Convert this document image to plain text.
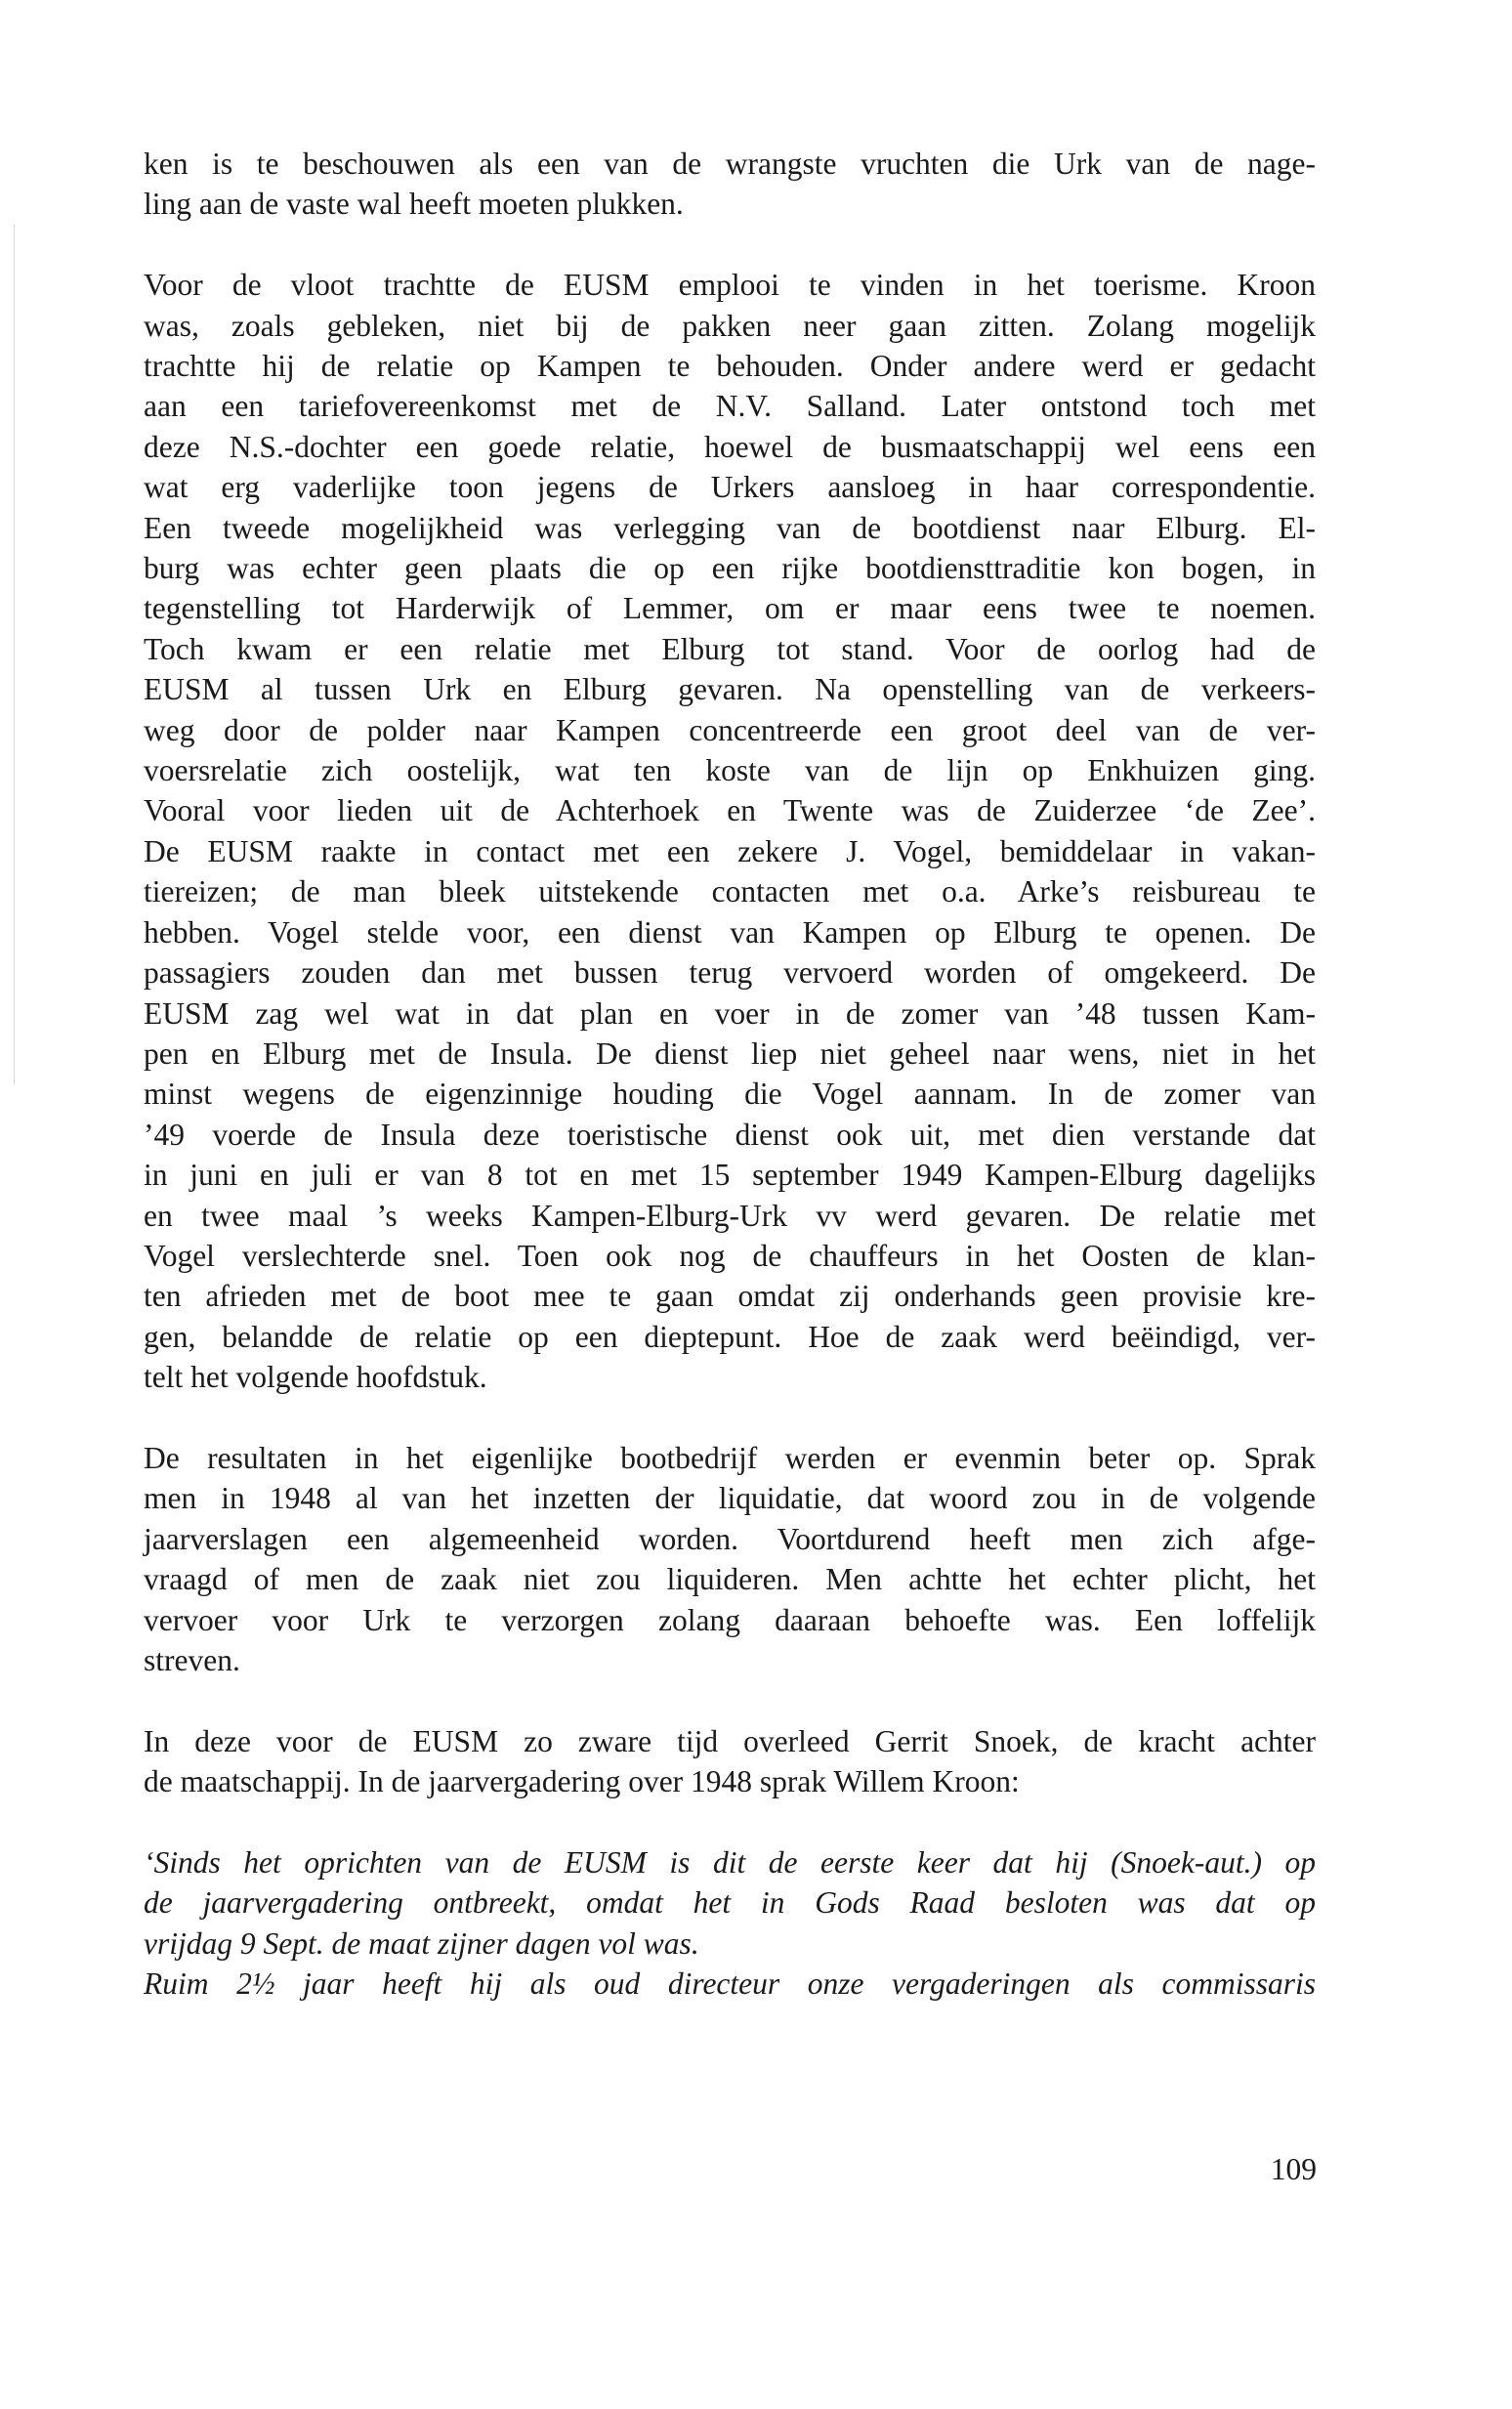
ken is te beschouwen als een van de wrangste vruchten die Urk van de nage-
ling aan de vaste wal heeft moeten plukken.
Voor de vloot trachtte de EUSM emplooi te vinden in het toerisme. Kroon
was, zoals gebleken, niet bij de pakken neer gaan zitten. Zolang mogelijk
trachtte hij de relatie op Kampen te behouden. Onder andere werd er gedacht
aan een tariefovereenkomst met de N.V. Salland. Later ontstond toch met
deze N.S.-dochter een goede relatie, hoewel de busmaatschappij wel eens een
wat erg vaderlijke toon jegens de Urkers aansloeg in haar correspondentie.
Een tweede mogelijkheid was verlegging van de bootdienst naar Elburg. El-
burg was echter geen plaats die op een rijke bootdiensttraditie kon bogen, in
tegenstelling tot Harderwijk of Lemmer, om er maar eens twee te noemen.
Toch kwam er een relatie met Elburg tot stand. Voor de oorlog had de
EUSM al tussen Urk en Elburg gevaren. Na openstelling van de verkeers-
weg door de polder naar Kampen concentreerde een groot deel van de ver-
voersrelatie zich oostelijk, wat ten koste van de lijn op Enkhuizen ging.
Vooral voor lieden uit de Achterhoek en Twente was de Zuiderzee ‘de Zee’.
De EUSM raakte in contact met een zekere J. Vogel, bemiddelaar in vakan-
tiereizen; de man bleek uitstekende contacten met o.a. Arke’s reisbureau te
hebben. Vogel stelde voor, een dienst van Kampen op Elburg te openen. De
passagiers zouden dan met bussen terug vervoerd worden of omgekeerd. De
EUSM zag wel wat in dat plan en voer in de zomer van ’48 tussen Kam-
pen en Elburg met de Insula. De dienst liep niet geheel naar wens, niet in het
minst wegens de eigenzinnige houding die Vogel aannam. In de zomer van
’49 voerde de Insula deze toeristische dienst ook uit, met dien verstande dat
in juni en juli er van 8 tot en met 15 september 1949 Kampen-Elburg dagelijks
en twee maal ’s weeks Kampen-Elburg-Urk vv werd gevaren. De relatie met
Vogel verslechterde snel. Toen ook nog de chauffeurs in het Oosten de klan-
ten afrieden met de boot mee te gaan omdat zij onderhands geen provisie kre-
gen, belandde de relatie op een dieptepunt. Hoe de zaak werd beëindigd, ver-
telt het volgende hoofdstuk.
De resultaten in het eigenlijke bootbedrijf werden er evenmin beter op. Sprak
men in 1948 al van het inzetten der liquidatie, dat woord zou in de volgende
jaarverslagen een algemeenheid worden. Voortdurend heeft men zich afge-
vraagd of men de zaak niet zou liquideren. Men achtte het echter plicht, het
vervoer voor Urk te verzorgen zolang daaraan behoefte was. Een loffelijk
streven.
In deze voor de EUSM zo zware tijd overleed Gerrit Snoek, de kracht achter
de maatschappij. In de jaarvergadering over 1948 sprak Willem Kroon:
‘Sinds het oprichten van de EUSM is dit de eerste keer dat hij (Snoek-aut.) op
de jaarvergadering ontbreekt, omdat het in Gods Raad besloten was dat op
vrijdag 9 Sept. de maat zijner dagen vol was.
Ruim 2½ jaar heeft hij als oud directeur onze vergaderingen als commissaris
109
